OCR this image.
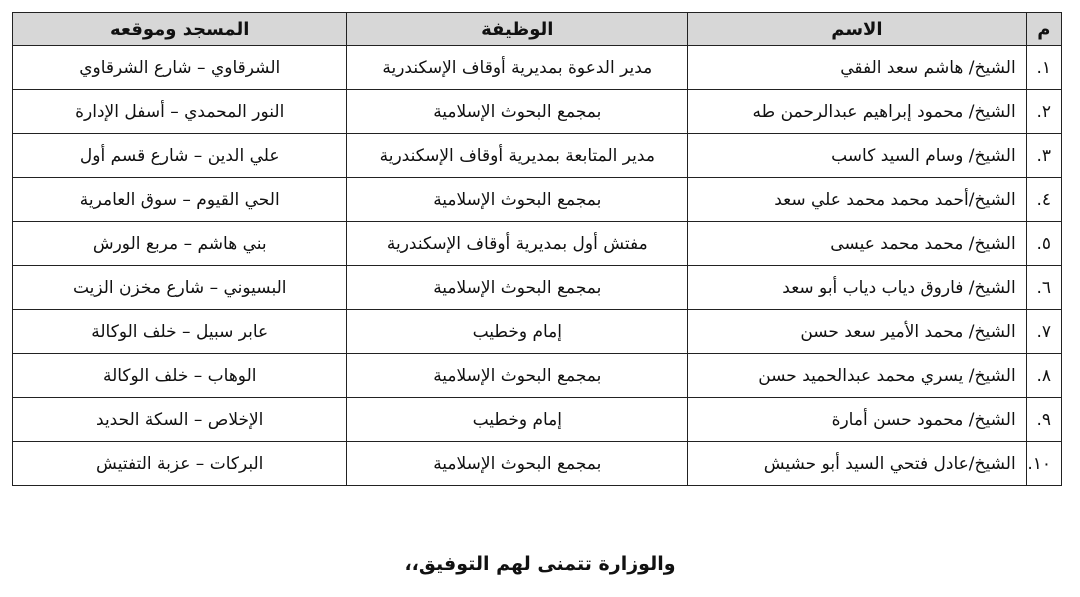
م	الاسم	الوظيفة	المسجد وموقعه
١.	الشيخ/ هاشم سعد الفقي	مدير الدعوة بمديرية أوقاف الإسكندرية	الشرقاوي – شارع الشرقاوي
٢.	الشيخ/ محمود إبراهيم عبدالرحمن طه	بمجمع البحوث الإسلامية	النور المحمدي – أسفل الإدارة
٣.	الشيخ/ وسام السيد كاسب	مدير المتابعة بمديرية أوقاف الإسكندرية	علي الدين – شارع قسم أول
٤.	الشيخ/أحمد محمد محمد علي سعد	بمجمع البحوث الإسلامية	الحي القيوم – سوق العامرية
٥.	الشيخ/ محمد محمد عيسى	مفتش أول بمديرية أوقاف الإسكندرية	بني هاشم – مربع الورش
٦.	الشيخ/ فاروق دياب دياب أبو سعد	بمجمع البحوث الإسلامية	البسيوني – شارع مخزن الزيت
٧.	الشيخ/ محمد الأمير سعد حسن	إمام وخطيب	عابر سبيل – خلف الوكالة
٨.	الشيخ/ يسري محمد عبدالحميد حسن	بمجمع البحوث الإسلامية	الوهاب – خلف الوكالة
٩.	الشيخ/ محمود حسن أمارة	إمام وخطيب	الإخلاص – السكة الحديد
١٠.	الشيخ/عادل فتحي السيد أبو حشيش	بمجمع البحوث الإسلامية	البركات – عزبة التفتيش
والوزارة تتمنى لهم التوفيق،،
